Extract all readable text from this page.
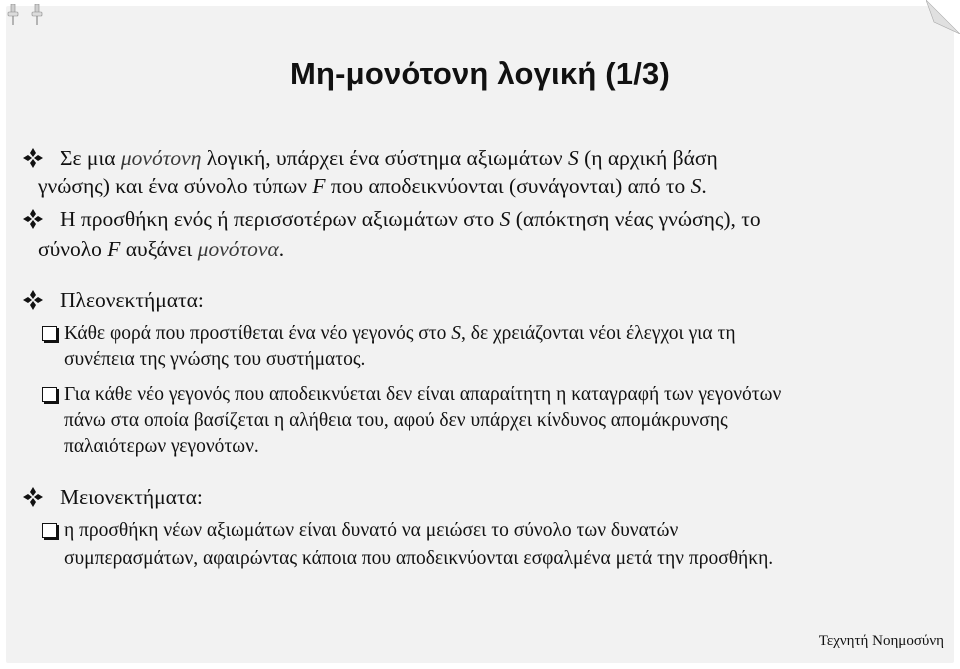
Μη-μονότονη λογική (1/3)
Σε μια μονότονη λογική, υπάρχει ένα σύστημα αξιωμάτων S (η αρχική βάση
γνώσης) και ένα σύνολο τύπων F που αποδεικνύονται (συνάγονται) από το S.
Η προσθήκη ενός ή περισσοτέρων αξιωμάτων στο S (απόκτηση νέας γνώσης), το
σύνολο F αυξάνει μονότονα.
Πλεονεκτήματα:
Κάθε φορά που προστίθεται ένα νέο γεγονός στο S, δε χρειάζονται νέοι έλεγχοι για τη
συνέπεια της γνώσης του συστήματος.
Για κάθε νέο γεγονός που αποδεικνύεται δεν είναι απαραίτητη η καταγραφή των γεγονότων
πάνω στα οποία βασίζεται η αλήθεια του, αφού δεν υπάρχει κίνδυνος απομάκρυνσης
παλαιότερων γεγονότων.
Μειονεκτήματα:
η προσθήκη νέων αξιωμάτων είναι δυνατό να μειώσει το σύνολο των δυνατών
συμπερασμάτων, αφαιρώντας κάποια που αποδεικνύονται εσφαλμένα μετά την προσθήκη.
Τεχνητή Νοημοσύνη
